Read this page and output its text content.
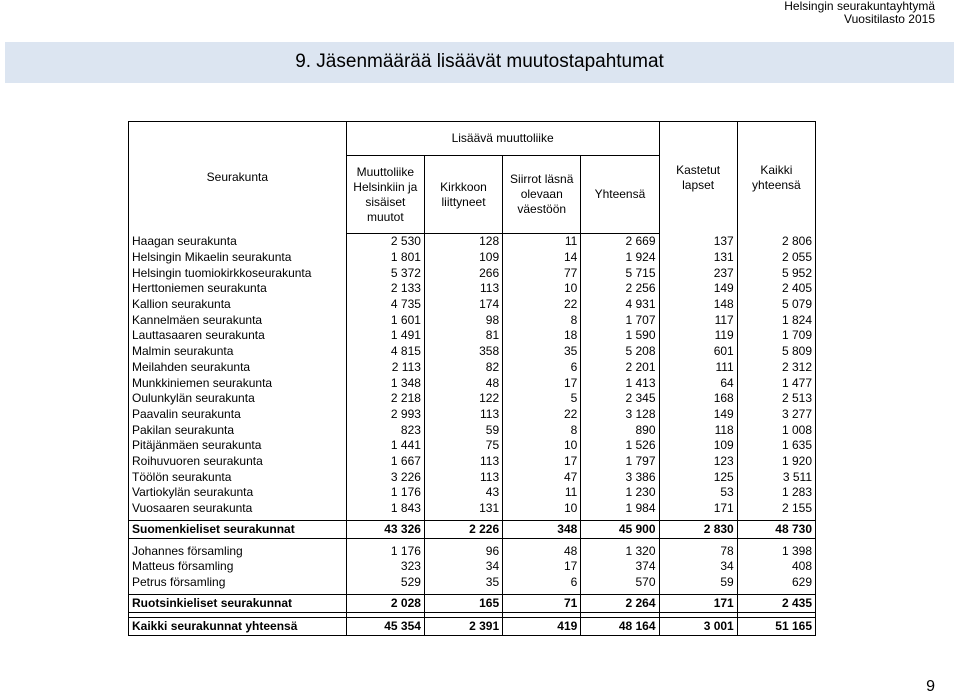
Helsingin seurakuntayhtymä
Vuositilasto 2015
9. Jäsenmäärää lisäävät muutostapahtumat
Seurakunta	Lisäävä muuttoliike				Kastetut lapset	Kaikki yhteensä
	Muuttoliike Helsinkiin ja sisäiset muutot	Kirkkoon liittyneet	Siirrot läsnä olevaan väestöön	Yhteensä		
Haagan seurakunta	2 530	128	11	2 669	137	2 806
Helsingin Mikaelin seurakunta	1 801	109	14	1 924	131	2 055
Helsingin tuomiokirkkoseurakunta	5 372	266	77	5 715	237	5 952
Herttoniemen seurakunta	2 133	113	10	2 256	149	2 405
Kallion seurakunta	4 735	174	22	4 931	148	5 079
Kannelmäen seurakunta	1 601	98	8	1 707	117	1 824
Lauttasaaren seurakunta	1 491	81	18	1 590	119	1 709
Malmin seurakunta	4 815	358	35	5 208	601	5 809
Meilahden seurakunta	2 113	82	6	2 201	111	2 312
Munkkiniemen seurakunta	1 348	48	17	1 413	64	1 477
Oulunkylän seurakunta	2 218	122	5	2 345	168	2 513
Paavalin seurakunta	2 993	113	22	3 128	149	3 277
Pakilan seurakunta	823	59	8	890	118	1 008
Pitäjänmäen seurakunta	1 441	75	10	1 526	109	1 635
Roihuvuoren seurakunta	1 667	113	17	1 797	123	1 920
Töölön seurakunta	3 226	113	47	3 386	125	3 511
Vartiokylän seurakunta	1 176	43	11	1 230	53	1 283
Vuosaaren seurakunta	1 843	131	10	1 984	171	2 155

Suomenkieliset seurakunnat	43 326	2 226	348	45 900	2 830	48 730

Johannes församling	1 176	96	48	1 320	78	1 398
Matteus församling	323	34	17	374	34	408
Petrus församling	529	35	6	570	59	629

Ruotsinkieliset seurakunnat	2 028	165	71	2 264	171	2 435

Kaikki seurakunnat yhteensä	45 354	2 391	419	48 164	3 001	51 165
9
